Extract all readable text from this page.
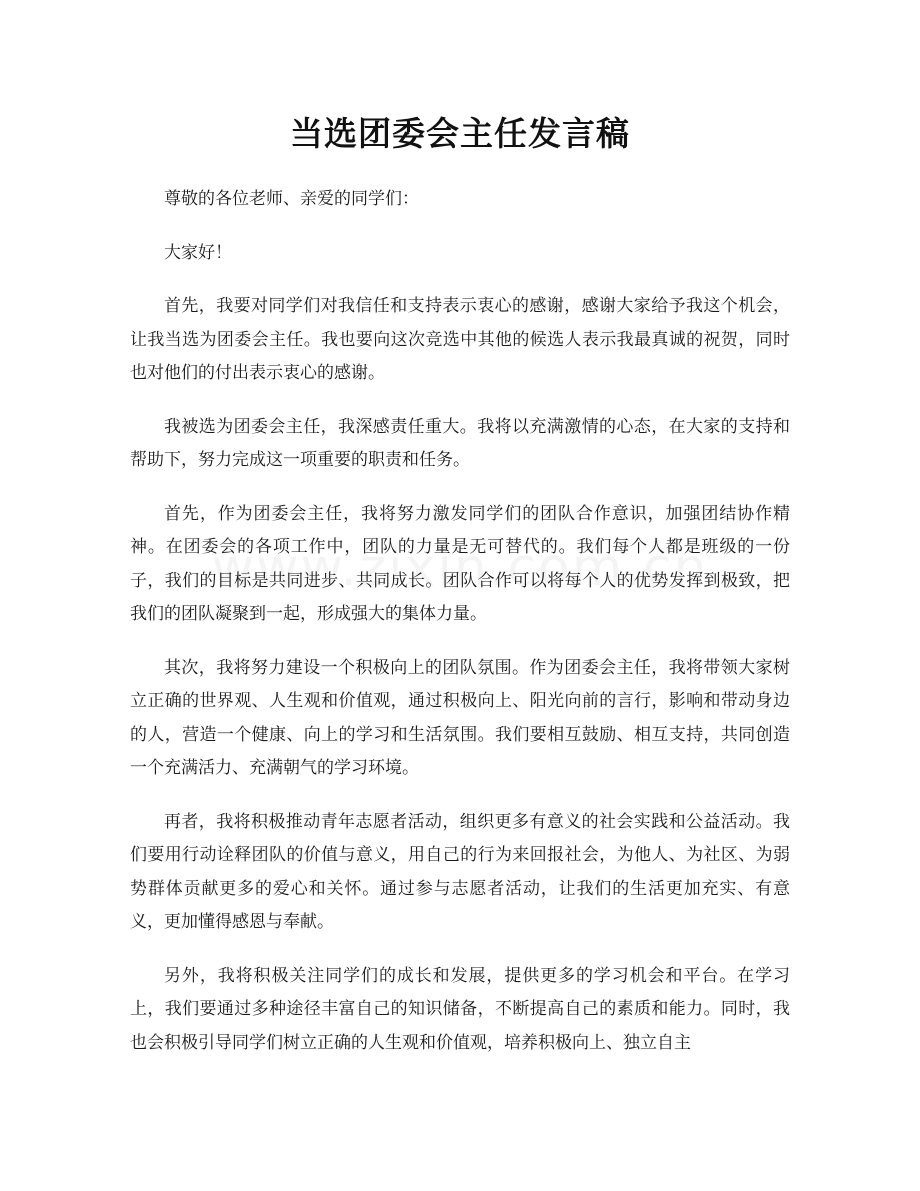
当选团委会主任发言稿

尊敬的各位老师、亲爱的同学们：

大家好！

首先，我要对同学们对我信任和支持表示衷心的感谢，感谢大家给予我这个机会，让我当选为团委会主任。我也要向这次竞选中其他的候选人表示我最真诚的祝贺，同时也对他们的付出表示衷心的感谢。

我被选为团委会主任，我深感责任重大。我将以充满激情的心态，在大家的支持和帮助下，努力完成这一项重要的职责和任务。

首先，作为团委会主任，我将努力激发同学们的团队合作意识，加强团结协作精神。在团委会的各项工作中，团队的力量是无可替代的。我们每个人都是班级的一份子，我们的目标是共同进步、共同成长。团队合作可以将每个人的优势发挥到极致，把我们的团队凝聚到一起，形成强大的集体力量。

其次，我将努力建设一个积极向上的团队氛围。作为团委会主任，我将带领大家树立正确的世界观、人生观和价值观，通过积极向上、阳光向前的言行，影响和带动身边的人，营造一个健康、向上的学习和生活氛围。我们要相互鼓励、相互支持，共同创造一个充满活力、充满朝气的学习环境。

再者，我将积极推动青年志愿者活动，组织更多有意义的社会实践和公益活动。我们要用行动诠释团队的价值与意义，用自己的行为来回报社会，为他人、为社区、为弱势群体贡献更多的爱心和关怀。通过参与志愿者活动，让我们的生活更加充实、有意义，更加懂得感恩与奉献。

另外，我将积极关注同学们的成长和发展，提供更多的学习机会和平台。在学习上，我们要通过多种途径丰富自己的知识储备，不断提高自己的素质和能力。同时，我也会积极引导同学们树立正确的人生观和价值观，培养积极向上、独立自主
